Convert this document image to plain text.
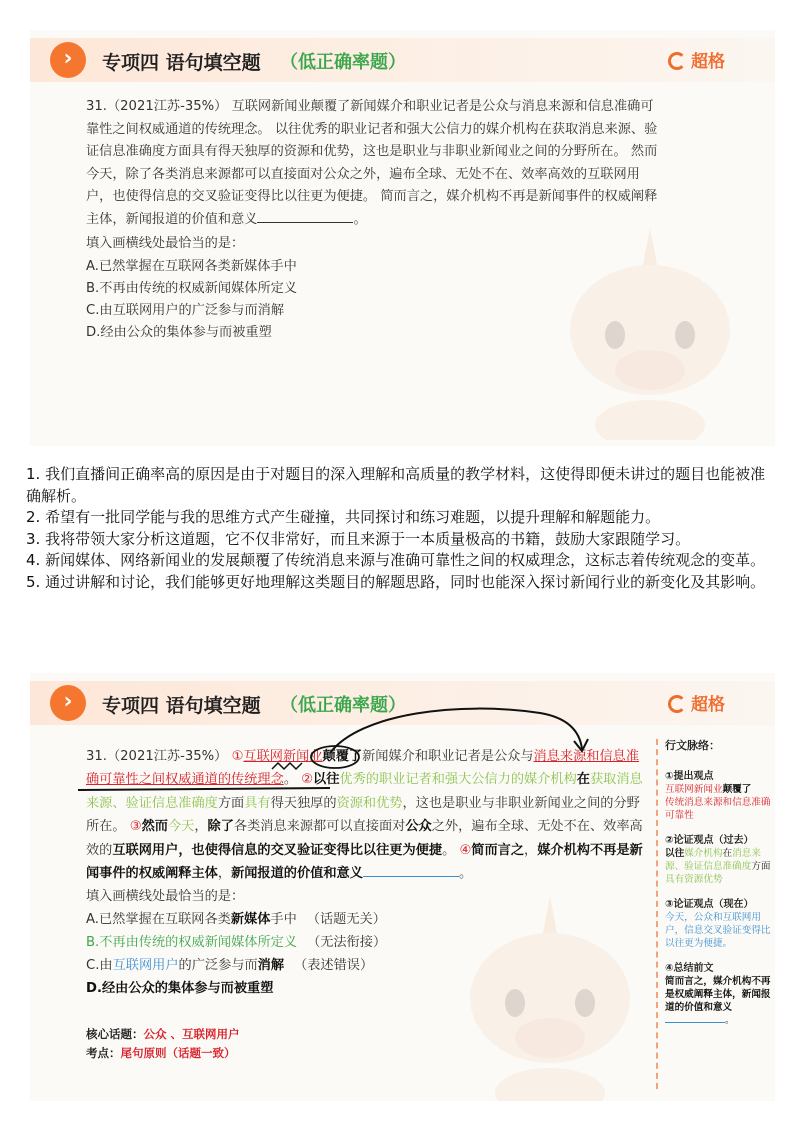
›	专项四 语句填空题 （低正确率题）	超格
31.（2021江苏-35%） 互联网新闻业颠覆了新闻媒介和职业记者是公众与消息来源和信息准确可靠性之间权威通道的传统理念。 以往优秀的职业记者和强大公信力的媒介机构在获取消息来源、验证信息准确度方面具有得天独厚的资源和优势，这也是职业与非职业新闻业之间的分野所在。 然而今天，除了各类消息来源都可以直接面对公众之外，遍布全球、无处不在、效率高效的互联网用户，也使得信息的交叉验证变得比以往更为便捷。 简而言之，媒介机构不再是新闻事件的权威阐释主体，新闻报道的价值和意义	。
填入画横线处最恰当的是：
A.已然掌握在互联网各类新媒体手中
B.不再由传统的权威新闻媒体所定义
C.由互联网用户的广泛参与而消解
D.经由公众的集体参与而被重塑

1. 我们直播间正确率高的原因是由于对题目的深入理解和高质量的教学材料，这使得即便未讲过的题目也能被准确解析。

2. 希望有一批同学能与我的思维方式产生碰撞，共同探讨和练习难题，以提升理解和解题能力。

3. 我将带领大家分析这道题，它不仅非常好，而且来源于一本质量极高的书籍，鼓励大家跟随学习。

4. 新闻媒体、网络新闻业的发展颠覆了传统消息来源与准确可靠性之间的权威理念，这标志着传统观念的变革。

5. 通过讲解和讨论，我们能够更好地理解这类题目的解题思路，同时也能深入探讨新闻行业的新变化及其影响。

›	专项四 语句填空题 （低正确率题）	超格
31.（2021江苏-35%） ①互联网新闻业颠覆了新闻媒介和职业记者是公众与消息来源和信息准确可靠性之间权威通道的传统理念。 ②以往优秀的职业记者和强大公信力的媒介机构在获取消息来源、验证信息准确度方面具有得天独厚的资源和优势，这也是职业与非职业新闻业之间的分野所在。 ③然而今天，除了各类消息来源都可以直接面对公众之外，遍布全球、无处不在、效率高效的互联网用户，也使得信息的交叉验证变得比以往更为便捷。 ④简而言之，媒介机构不再是新闻事件的权威阐释主体，新闻报道的价值和意义	。
填入画横线处最恰当的是：
A.已然掌握在互联网各类新媒体手中 （话题无关）
B.不再由传统的权威新闻媒体所定义 （无法衔接）
C.由互联网用户的广泛参与而消解 （表述错误）
D.经由公众的集体参与而被重塑
核心话题：公众 、互联网用户
考点：尾句原则（话题一致）
行文脉络：
①提出观点
互联网新闻业颠覆了
传统消息来源和信息准确可靠性
②论证观点（过去）
以往媒介机构在消息来源、验证信息准确度方面具有资源优势
③论证观点（现在）
今天，公众和互联网用户，信息交叉验证变得比以往更为便捷。
④总结前文
简而言之，媒介机构不再是权威阐释主体，新闻报道的价值和意义。
